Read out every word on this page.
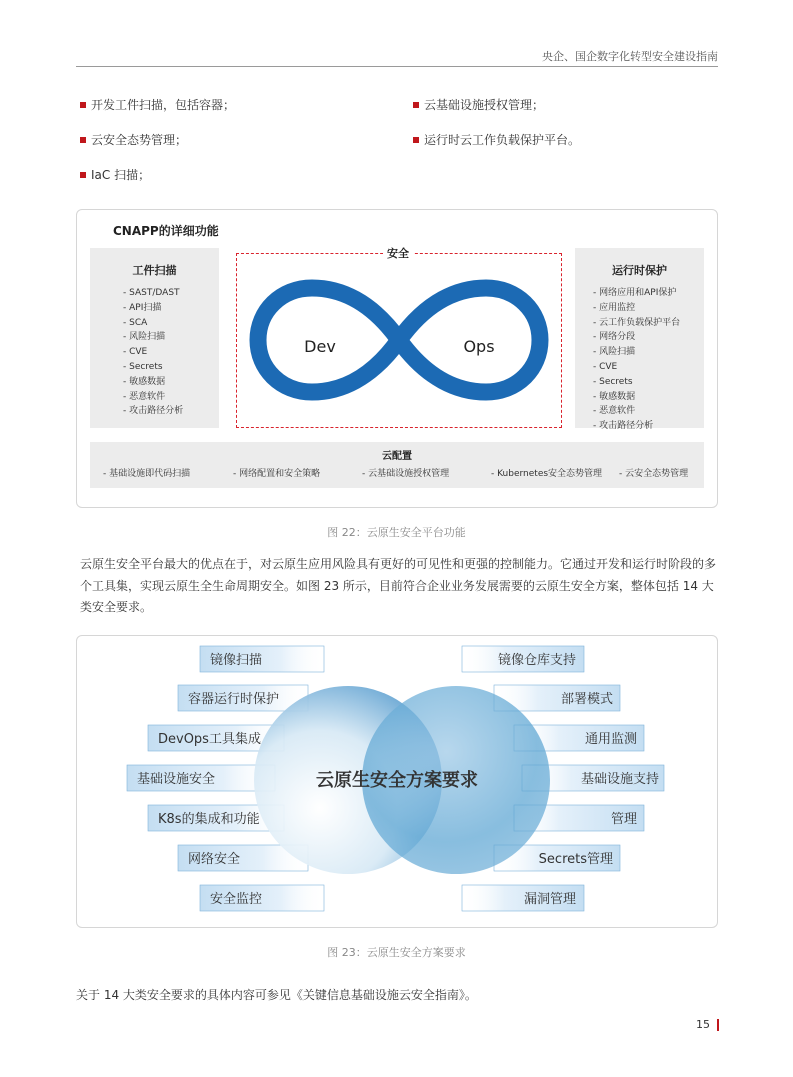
央企、国企数字化转型安全建设指南
开发工件扫描，包括容器；
云安全态势管理；
IaC 扫描；
云基础设施授权管理；
运行时云工作负载保护平台。
CNAPP的详细功能
工件扫描
- SAST/DAST
- API扫描
- SCA
- 风险扫描
- CVE
- Secrets
- 敏感数据
- 恶意软件
- 攻击路径分析
Dev	Ops
安全
运行时保护
- 网络应用和API保护
- 应用监控
- 云工作负载保护平台
- 网络分段
- 风险扫描
- CVE
- Secrets
- 敏感数据
- 恶意软件
- 攻击路径分析
云配置
- 基础设施即代码扫描	- 网络配置和安全策略	- 云基础设施授权管理	- Kubernetes安全态势管理 - 云安全态势管理
图 22：云原生安全平台功能
云原生安全平台最大的优点在于，对云原生应用风险具有更好的可见性和更强的控制能力。它通过开发和运行时阶段的多个工具集，实现云原生全生命周期安全。如图 23 所示，目前符合企业业务发展需要的云原生安全方案，整体包括 14 大类安全要求。
镜像扫描
容器运行时保护
DevOps工具集成
基础设施安全
K8s的集成和功能
网络安全
安全监控
镜像仓库支持
部署模式
通用监测
基础设施支持
管理
Secrets管理
漏洞管理
云原生安全方案要求
图 23：云原生安全方案要求
关于 14 大类安全要求的具体内容可参见《关键信息基础设施云安全指南》。
15
